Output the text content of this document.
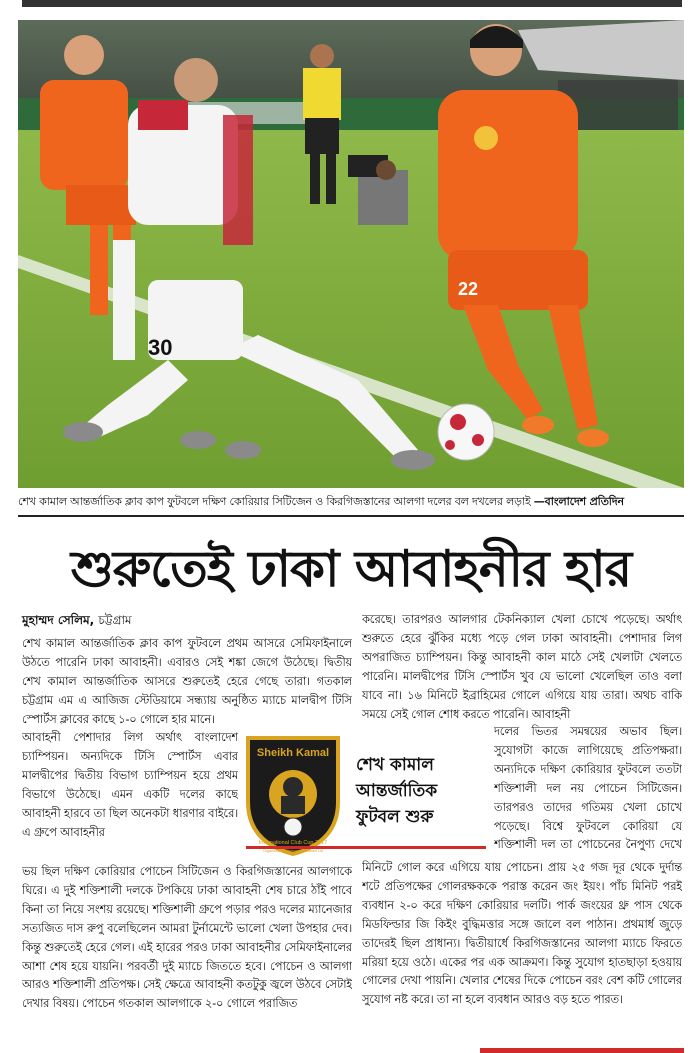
30
22
শেখ কামাল আন্তর্জাতিক ক্লাব কাপ ফুটবলে দক্ষিণ কোরিয়ার সিটিজেন ও কিরগিজস্তানের আলগা দলের বল দখলের লড়াই —বাংলাদেশ প্রতিদিন
শুরুতেই ঢাকা আবাহনীর হার
মুহাম্মদ সেলিম, চট্টগ্রাম

শেখ কামাল আন্তর্জাতিক ক্লাব কাপ ফুটবলে প্রথম আসরে সেমিফাইনালে উঠতে পারেনি ঢাকা আবাহনী। এবারও সেই শঙ্কা জেগে উঠেছে। দ্বিতীয় শেখ কামাল আন্তর্জাতিক আসরে শুরুতেই হেরে গেছে তারা। গতকাল চট্টগ্রাম এম এ আজিজ স্টেডিয়ামে সন্ধ্যায় অনুষ্ঠিত ম্যাচে মালদ্বীপ টিসি স্পোর্টস ক্লাবের কাছে ১-০ গোলে হার মানে।

আবাহনী পেশাদার লিগ অর্থাৎ বাংলাদেশ চ্যাম্পিয়ন। অন্যদিকে টিসি স্পোর্টস এবার মালদ্বীপের দ্বিতীয় বিভাগ চ্যাম্পিয়ন হয়ে প্রথম বিভাগে উঠেছে। এমন একটি দলের কাছে আবাহনী হারবে তা ছিল অনেকটা ধারণার বাইরে। এ গ্রুপে আবাহনীর

ভয় ছিল দক্ষিণ কোরিয়ার পোচেন সিটিজেন ও কিরগিজস্তানের আলগাকে ঘিরে। এ দুই শক্তিশালী দলকে টপকিয়ে ঢাকা আবাহনী শেষ চারে ঠাঁই পাবে কিনা তা নিয়ে সংশয় রয়েছে। শক্তিশালী গ্রুপে পড়ার পরও দলের ম্যানেজার সত্যজিত দাস রুপু বলেছিলেন আমরা টুর্নামেন্টে ভালো খেলা উপহার দেব। কিন্তু শুরুতেই হেরে গেল। এই হারের পরও ঢাকা আবাহনীর সেমিফাইনালের আশা শেষ হয়ে যায়নি। পরবর্তী দুই ম্যাচে জিততে হবে। পোচেন ও আলগা আরও শক্তিশালী প্রতিপক্ষ। সেই ক্ষেত্রে আবাহনী কতটুকু জ্বলে উঠবে সেটাই দেখার বিষয়। পোচেন গতকাল আলগাকে ২-০ গোলে পরাজিত

করেছে। তারপরও আলগার টেকনিক্যাল খেলা চোখে পড়েছে। অর্থাৎ শুরুতে হেরে ঝুঁকির মধ্যে পড়ে গেল ঢাকা আবাহনী। পেশাদার লিগ অপরাজিত চ্যাম্পিয়ন। কিন্তু আবাহনী কাল মাঠে সেই খেলাটা খেলতে পারেনি। মালদ্বীপের টিসি স্পোর্টস খুব যে ভালো খেলেছিল তাও বলা যাবে না। ১৬ মিনিটে ইব্রাহিমের গোলে এগিয়ে যায় তারা। অথচ বাকি সময়ে সেই গোল শোধ করতে পারেনি। আবাহনী

দলের ভিতর সমন্বয়ের অভাব ছিল। সুযোগটা কাজে লাগিয়েছে প্রতিপক্ষরা। অন্যদিকে দক্ষিণ কোরিয়ার ফুটবলে ততটা শক্তিশালী দল নয় পোচেন সিটিজেন। তারপরও তাদের গতিময় খেলা চোখে পড়েছে। বিশ্বে ফুটবলে কোরিয়া যে শক্তিশালী দল তা পোচেনের নৈপুণ্য দেখে

মিনিটে গোল করে এগিয়ে যায় পোচেন। প্রায় ২৫ গজ দূর থেকে দুর্দান্ত শটে প্রতিপক্ষের গোলরক্ষককে পরাস্ত করেন জং ইয়ং। পাঁচ মিনিট পরই ব্যবধান ২-০ করে দক্ষিণ কোরিয়ার দলটি। পার্ক জংয়ের থ্রু পাস থেকে মিডফিল্ডার জি কিইং বুদ্ধিমত্তার সঙ্গে জালে বল পাঠান। প্রথমার্ধ জুড়ে তাদেরই ছিল প্রাধান্য। দ্বিতীয়ার্ধে কিরগিজস্তানের আলগা ম্যাচে ফিরতে মরিয়া হয়ে ওঠে। একের পর এক আক্রমণ। কিন্তু সুযোগ হাতছাড়া হওয়ায় গোলের দেখা পায়নি। খেলার শেষের দিকে পোচেন বরং বেশ কটি গোলের সুযোগ নষ্ট করে। তা না হলে ব্যবধান আরও বড় হতে পারত।

Sheikh Kamal
International Club Cup 2017
Organised by Chittagong Abahani Ltd
শেখ কামাল আন্তর্জাতিক ফুটবল শুরু
